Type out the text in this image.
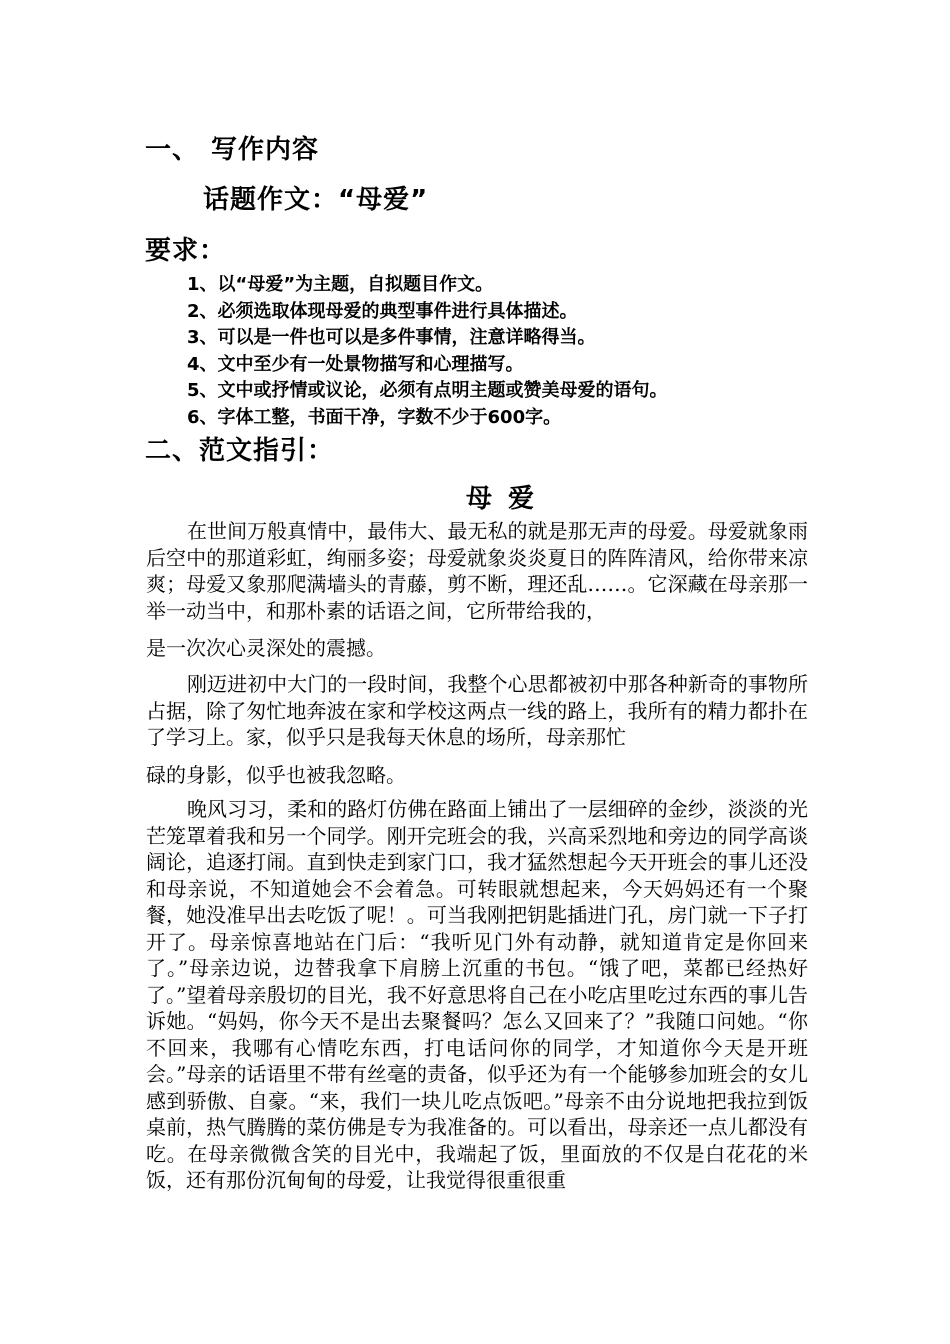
一、 写作内容
话题作文：“母爱”
要求：
1、以“母爱”为主题，自拟题目作文。
2、必须选取体现母爱的典型事件进行具体描述。
3、可以是一件也可以是多件事情，注意详略得当。
4、文中至少有一处景物描写和心理描写。
5、文中或抒情或议论，必须有点明主题或赞美母爱的语句。
6、字体工整，书面干净，字数不少于600字。
二、范文指引：
母爱

在世间万般真情中，最伟大、最无私的就是那无声的母爱。母爱就象雨后空中的那道彩虹，绚丽多姿；母爱就象炎炎夏日的阵阵清风，给你带来凉爽；母爱又象那爬满墙头的青藤，剪不断，理还乱……。它深藏在母亲那一举一动当中，和那朴素的话语之间，它所带给我的，
是一次次心灵深处的震撼。

刚迈进初中大门的一段时间，我整个心思都被初中那各种新奇的事物所占据，除了匆忙地奔波在家和学校这两点一线的路上，我所有的精力都扑在了学习上。家，似乎只是我每天休息的场所，母亲那忙
碌的身影，似乎也被我忽略。

晚风习习，柔和的路灯仿佛在路面上铺出了一层细碎的金纱，淡淡的光芒笼罩着我和另一个同学。刚开完班会的我，兴高采烈地和旁边的同学高谈阔论，追逐打闹。直到快走到家门口，我才猛然想起今天开班会的事儿还没和母亲说，不知道她会不会着急。可转眼就想起来，今天妈妈还有一个聚餐，她没准早出去吃饭了呢！。可当我刚把钥匙插进门孔，房门就一下子打开了。母亲惊喜地站在门后：“我听见门外有动静，就知道肯定是你回来了。”母亲边说，边替我拿下肩膀上沉重的书包。“饿了吧，菜都已经热好了。”望着母亲殷切的目光，我不好意思将自己在小吃店里吃过东西的事儿告诉她。“妈妈，你今天不是出去聚餐吗？怎么又回来了？”我随口问她。“你不回来，我哪有心情吃东西，打电话问你的同学，才知道你今天是开班会。”母亲的话语里不带有丝毫的责备，似乎还为有一个能够参加班会的女儿感到骄傲、自豪。“来，我们一块儿吃点饭吧。”母亲不由分说地把我拉到饭桌前，热气腾腾的菜仿佛是专为我准备的。可以看出，母亲还一点儿都没有吃。在母亲微微含笑的目光中，我端起了饭，里面放的不仅是白花花的米饭，还有那份沉甸甸的母爱，让我觉得很重很重
